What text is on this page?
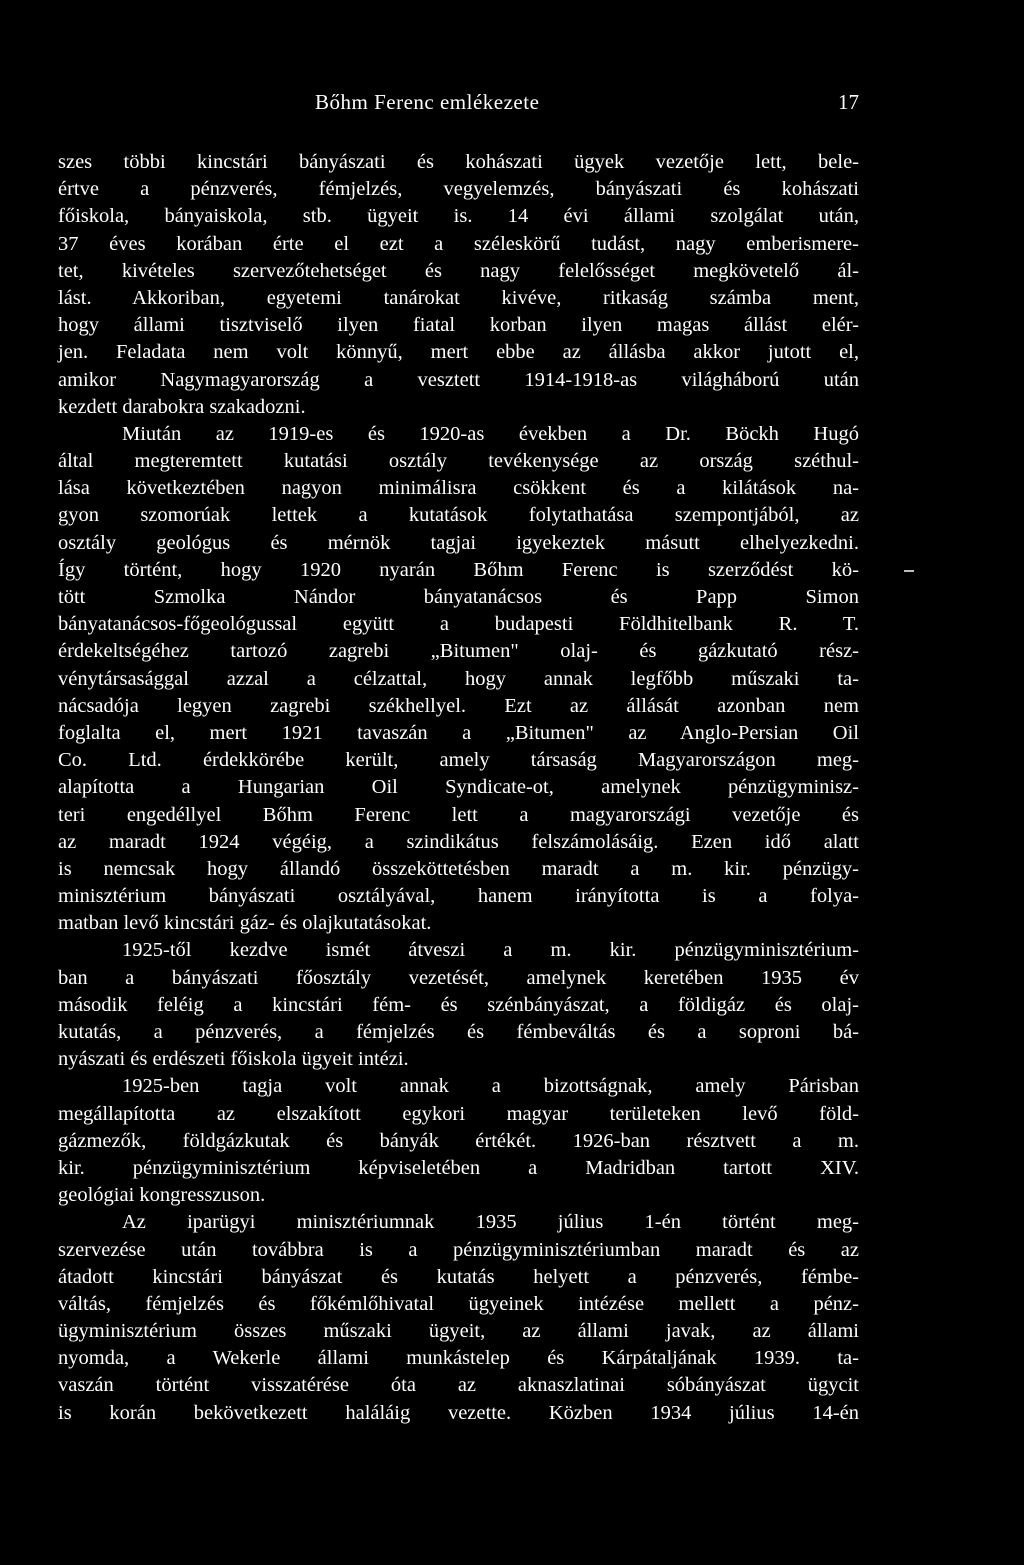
Bőhm Ferenc emlékezete	17
szes többi kincstári bányászati és kohászati ügyek vezetője lett, bele-
értve a pénzverés, fémjelzés, vegyelemzés, bányászati és kohászati
főiskola, bányaiskola, stb. ügyeit is. 14 évi állami szolgálat után,
37 éves korában érte el ezt a széleskörű tudást, nagy emberismere-
tet, kivételes szervezőtehetséget és nagy felelősséget megkövetelő ál-
lást. Akkoriban, egyetemi tanárokat kivéve, ritkaság számba ment,
hogy állami tisztviselő ilyen fiatal korban ilyen magas állást elér-
jen. Feladata nem volt könnyű, mert ebbe az állásba akkor jutott el,
amikor Nagymagyarország a vesztett 1914-1918-as világháború után
kezdett darabokra szakadozni.
Miután az 1919-es és 1920-as években a Dr. Böckh Hugó
által megteremtett kutatási osztály tevékenysége az ország széthul-
lása következtében nagyon minimálisra csökkent és a kilátások na-
gyon szomorúak lettek a kutatások folytathatása szempontjából, az
osztály geológus és mérnök tagjai igyekeztek másutt elhelyezkedni.
Így történt, hogy 1920 nyarán Bőhm Ferenc is szerződést kö-
tött Szmolka Nándor bányatanácsos és Papp Simon
bányatanácsos-főgeológussal együtt a budapesti Földhitelbank R. T.
érdekeltségéhez tartozó zagrebi „Bitumen" olaj- és gázkutató rész-
vénytársasággal azzal a célzattal, hogy annak legfőbb műszaki ta-
nácsadója legyen zagrebi székhellyel. Ezt az állását azonban nem
foglalta el, mert 1921 tavaszán a „Bitumen" az Anglo-Persian Oil
Co. Ltd. érdekkörébe került, amely társaság Magyarországon meg-
alapította a Hungarian Oil Syndicate-ot, amelynek pénzügyminisz-
teri engedéllyel Bőhm Ferenc lett a magyarországi vezetője és
az maradt 1924 végéig, a szindikátus felszámolásáig. Ezen idő alatt
is nemcsak hogy állandó összeköttetésben maradt a m. kir. pénzügy-
minisztérium bányászati osztályával, hanem irányította is a folya-
matban levő kincstári gáz- és olajkutatásokat.
1925-től kezdve ismét átveszi a m. kir. pénzügyminisztérium-
ban a bányászati főosztály vezetését, amelynek keretében 1935 év
második feléig a kincstári fém- és szénbányászat, a földigáz és olaj-
kutatás, a pénzverés, a fémjelzés és fémbeváltás és a soproni bá-
nyászati és erdészeti főiskola ügyeit intézi.
1925-ben tagja volt annak a bizottságnak, amely Párisban
megállapította az elszakított egykori magyar területeken levő föld-
gázmezők, földgázkutak és bányák értékét. 1926-ban résztvett a m.
kir. pénzügyminisztérium képviseletében a Madridban tartott XIV.
geológiai kongresszuson.
Az iparügyi minisztériumnak 1935 július 1-én történt meg-
szervezése után továbbra is a pénzügyminisztériumban maradt és az
átadott kincstári bányászat és kutatás helyett a pénzverés, fémbe-
váltás, fémjelzés és főkémlőhivatal ügyeinek intézése mellett a pénz-
ügyminisztérium összes műszaki ügyeit, az állami javak, az állami
nyomda, a Wekerle állami munkástelep és Kárpátaljának 1939. ta-
vaszán történt visszatérése óta az aknaszlatinai sóbányászat ügycit
is korán bekövetkezett haláláig vezette. Közben 1934 július 14-én
